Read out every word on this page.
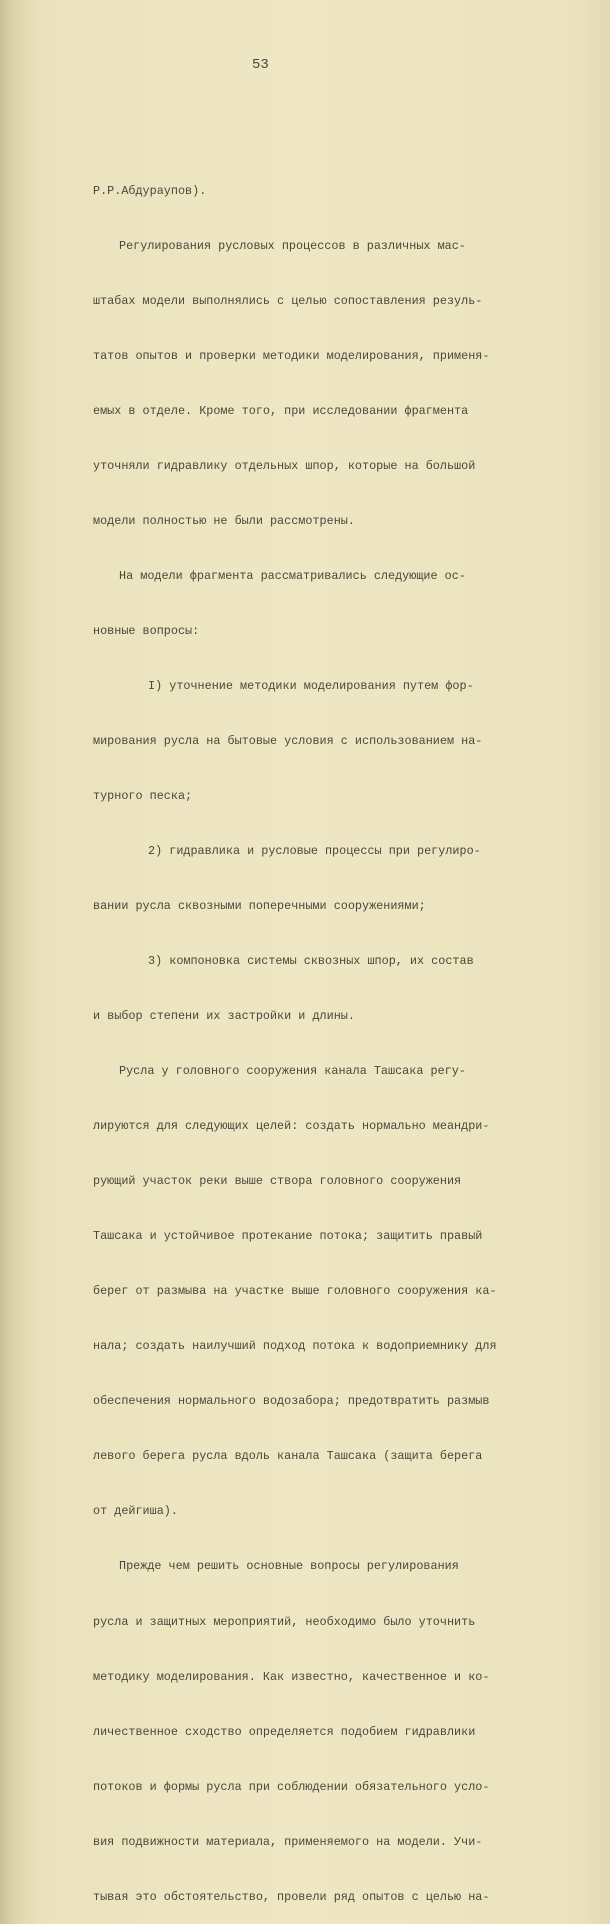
53

Р.Р.Абдураупов).

Регулирования русловых процессов в различных мас-

штабах модели выполнялись с целью сопоставления резуль-

татов опытов и проверки методики моделирования, применя-

емых в отделе. Кроме того, при исследовании фрагмента

уточняли гидравлику отдельных шпор, которые на большой

модели полностью не были рассмотрены.

На модели фрагмента рассматривались следующие ос-

новные вопросы:

I) уточнение методики моделирования путем фор-

мирования русла на бытовые условия с использованием на-

турного песка;

2) гидравлика и русловые процессы при регулиро-

вании русла сквозными поперечными сооружениями;

3) компоновка системы сквозных шпор, их состав

и выбор степени их застройки и длины.

Русла у головного сооружения канала Ташсака регу-

лируются для следующих целей: создать нормально меандри-

рующий участок реки выше створа головного сооружения

Ташсака и устойчивое протекание потока; защитить правый

берег от размыва на участке выше головного сооружения ка-

нала; создать наилучший подход потока к водоприемнику для

обеспечения нормального водозабора; предотвратить размыв

левого берега русла вдоль канала Ташсака (защита берега

от дейгиша).

Прежде чем решить основные вопросы регулирования

русла и защитных мероприятий, необходимо было уточнить

методику моделирования. Как известно, качественное и ко-

личественное сходство определяется подобием гидравлики

потоков и формы русла при соблюдении обязательного усло-

вия подвижности материала, применяемого на модели. Учи-

тывая это обстоятельство, провели ряд опытов с целью на-
